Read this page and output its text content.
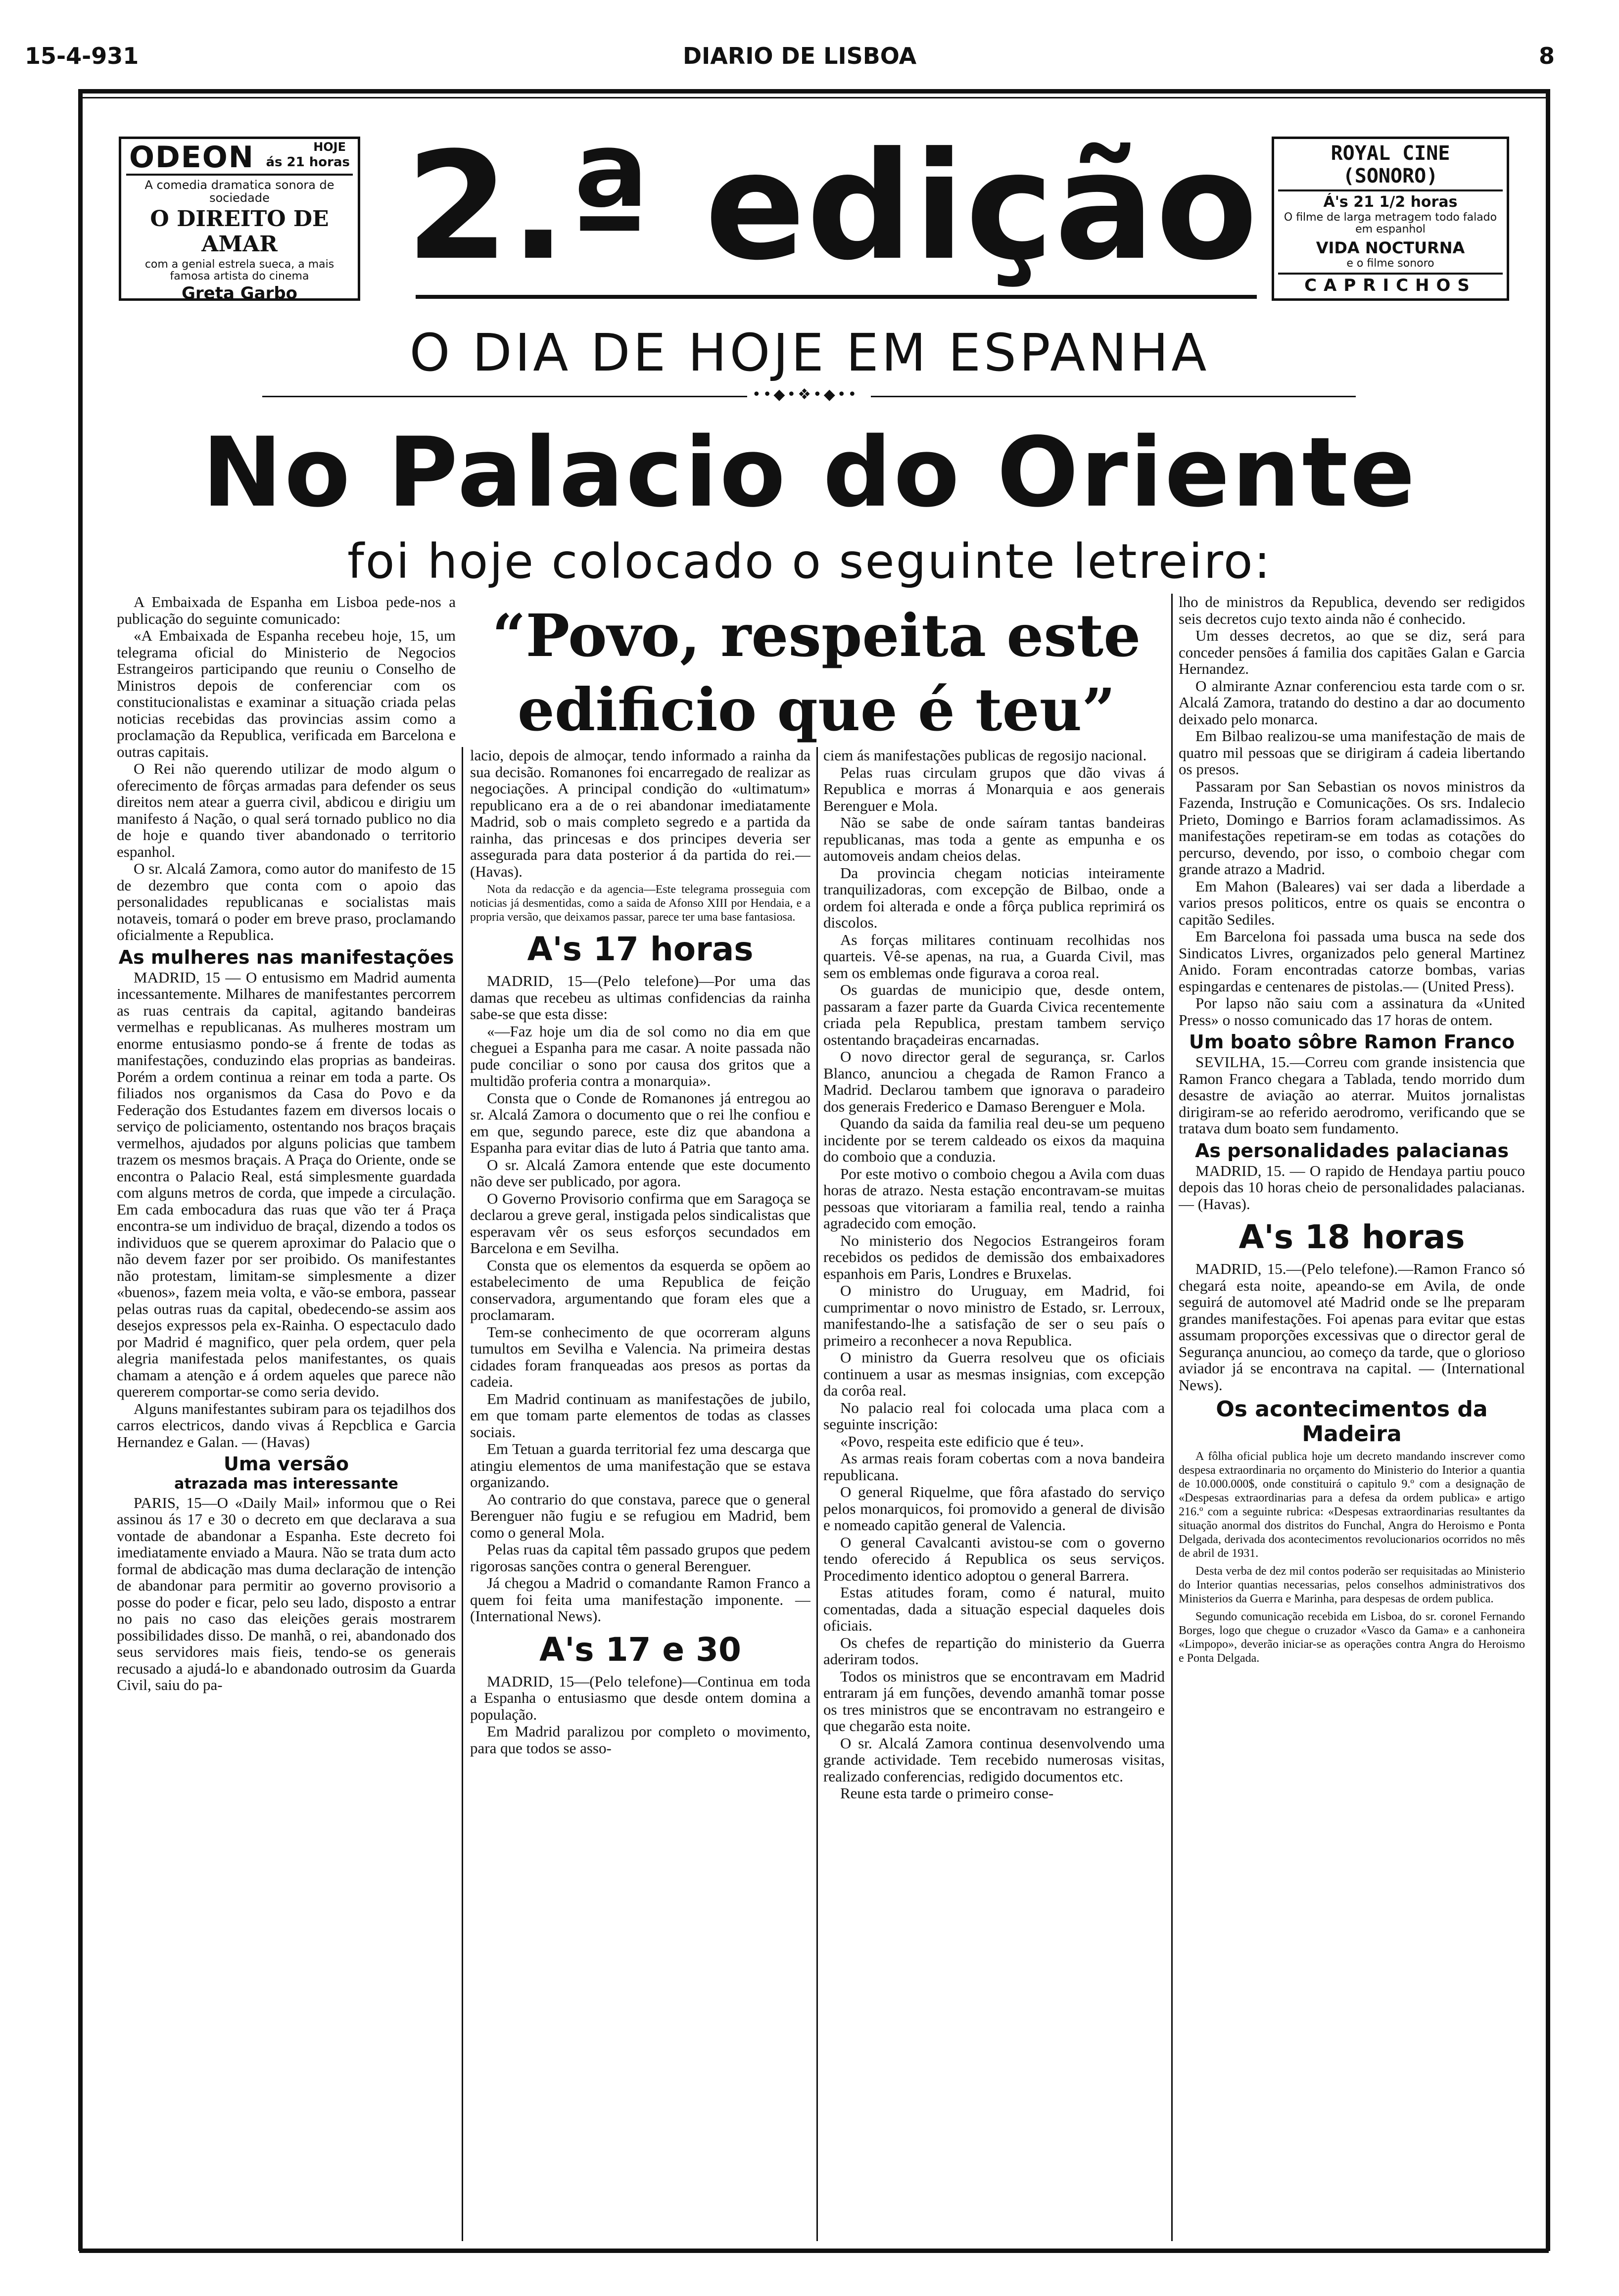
15-4-931	DIARIO DE LISBOA	8
ODEON	HOJE
ás 21 horas
A comedia dramatica sonora de sociedade
O DIREITO DE AMAR
com a genial estrela sueca, a mais famosa artista do cinema
Greta Garbo
2.ª edição	ROYAL CINE (SONORO)
Á's 21 1/2 horas
O filme de larga metragem todo falado em espanhol
VIDA NOCTURNA
e o filme sonoro
CAPRICHOS
O DIA DE HOJE EM ESPANHA
••◆•❖•◆••
No Palacio do Oriente
foi hoje colocado o seguinte letreiro:
“Povo, respeita este
edificio que é teu”

A Embaixada de Espanha em Lisboa pede-nos a publicação do seguinte comunicado:

«A Embaixada de Espanha recebeu hoje, 15, um telegrama oficial do Ministerio de Negocios Estrangeiros participando que reuniu o Conselho de Ministros depois de conferenciar com os constitucionalistas e examinar a situação criada pelas noticias recebidas das provincias assim como a proclamação da Republica, verificada em Barcelona e outras capitais.

O Rei não querendo utilizar de modo algum o oferecimento de fôrças armadas para defender os seus direitos nem atear a guerra civil, abdicou e dirigiu um manifesto á Nação, o qual será tornado publico no dia de hoje e quando tiver abandonado o territorio espanhol.

O sr. Alcalá Zamora, como autor do manifesto de 15 de dezembro que conta com o apoio das personalidades republicanas e socialistas mais notaveis, tomará o poder em breve praso, proclamando oficialmente a Republica.

As mulheres nas manifestações

MADRID, 15 — O entusismo em Madrid aumenta incessantemente. Milhares de manifestantes percorrem as ruas centrais da capital, agitando bandeiras vermelhas e republicanas. As mulheres mostram um enorme entusiasmo pondo-se á frente de todas as manifestações, conduzindo elas proprias as bandeiras. Porém a ordem continua a reinar em toda a parte. Os filiados nos organismos da Casa do Povo e da Federação dos Estudantes fazem em diversos locais o serviço de policiamento, ostentando nos braços braçais vermelhos, ajudados por alguns policias que tambem trazem os mesmos braçais. A Praça do Oriente, onde se encontra o Palacio Real, está simplesmente guardada com alguns metros de corda, que impede a circulação. Em cada embocadura das ruas que vão ter á Praça encontra-se um individuo de braçal, dizendo a todos os individuos que se querem aproximar do Palacio que o não devem fazer por ser proibido. Os manifestantes não protestam, limitam-se simplesmente a dizer «buenos», fazem meia volta, e vão-se embora, passear pelas outras ruas da capital, obedecendo-se assim aos desejos expressos pela ex-Rainha. O espectaculo dado por Madrid é magnifico, quer pela ordem, quer pela alegria manifestada pelos manifestantes, os quais chamam a atenção e á ordem aqueles que parece não quererem comportar-se como seria devido.

Alguns manifestantes subiram para os tejadilhos dos carros electricos, dando vivas á Repcblica e Garcia Hernandez e Galan. — (Havas)

Uma versão
atrazada mas interessante

PARIS, 15—O «Daily Mail» informou que o Rei assinou ás 17 e 30 o decreto em que declarava a sua vontade de abandonar a Espanha. Este decreto foi imediatamente enviado a Maura. Não se trata dum acto formal de abdicação mas duma declaração de intenção de abandonar para permitir ao governo provisorio a posse do poder e ficar, pelo seu lado, disposto a entrar no pais no caso das eleições gerais mostrarem possibilidades disso. De manhã, o rei, abandonado dos seus servidores mais fieis, tendo-se os generais recusado a ajudá-lo e abandonado outrosim da Guarda Civil, saiu do pa-

lacio, depois de almoçar, tendo informado a rainha da sua decisão. Romanones foi encarregado de realizar as negociações. A principal condição do «ultimatum» republicano era a de o rei abandonar imediatamente Madrid, sob o mais completo segredo e a partida da rainha, das princesas e dos principes deveria ser assegurada para data posterior á da partida do rei.— (Havas).

Nota da redacção e da agencia—Este telegrama prosseguia com noticias já desmentidas, como a saida de Afonso XIII por Hendaia, e a propria versão, que deixamos passar, parece ter uma base fantasiosa.

A's 17 horas

MADRID, 15—(Pelo telefone)—Por uma das damas que recebeu as ultimas confidencias da rainha sabe-se que esta disse:

«—Faz hoje um dia de sol como no dia em que cheguei a Espanha para me casar. A noite passada não pude conciliar o sono por causa dos gritos que a multidão proferia contra a monarquia».

Consta que o Conde de Romanones já entregou ao sr. Alcalá Zamora o documento que o rei lhe confiou e em que, segundo parece, este diz que abandona a Espanha para evitar dias de luto á Patria que tanto ama.

O sr. Alcalá Zamora entende que este documento não deve ser publicado, por agora.

O Governo Provisorio confirma que em Saragoça se declarou a greve geral, instigada pelos sindicalistas que esperavam vêr os seus esforços secundados em Barcelona e em Sevilha.

Consta que os elementos da esquerda se opõem ao estabelecimento de uma Republica de feição conservadora, argumentando que foram eles que a proclamaram.

Tem-se conhecimento de que ocorreram alguns tumultos em Sevilha e Valencia. Na primeira destas cidades foram franqueadas aos presos as portas da cadeia.

Em Madrid continuam as manifestações de jubilo, em que tomam parte elementos de todas as classes sociais.

Em Tetuan a guarda territorial fez uma descarga que atingiu elementos de uma manifestação que se estava organizando.

Ao contrario do que constava, parece que o general Berenguer não fugiu e se refugiou em Madrid, bem como o general Mola.

Pelas ruas da capital têm passado grupos que pedem rigorosas sanções contra o general Berenguer.

Já chegou a Madrid o comandante Ramon Franco a quem foi feita uma manifestação imponente. — (International News).

A's 17 e 30

MADRID, 15—(Pelo telefone)—Continua em toda a Espanha o entusiasmo que desde ontem domina a população.

Em Madrid paralizou por completo o movimento, para que todos se asso-

ciem ás manifestações publicas de regosijo nacional.

Pelas ruas circulam grupos que dão vivas á Republica e morras á Monarquia e aos generais Berenguer e Mola.

Não se sabe de onde saíram tantas bandeiras republicanas, mas toda a gente as empunha e os automoveis andam cheios delas.

Da provincia chegam noticias inteiramente tranquilizadoras, com excepção de Bilbao, onde a ordem foi alterada e onde a fôrça publica reprimirá os discolos.

As forças militares continuam recolhidas nos quarteis. Vê-se apenas, na rua, a Guarda Civil, mas sem os emblemas onde figurava a coroa real.

Os guardas de municipio que, desde ontem, passaram a fazer parte da Guarda Civica recentemente criada pela Republica, prestam tambem serviço ostentando braçadeiras encarnadas.

O novo director geral de segurança, sr. Carlos Blanco, anunciou a chegada de Ramon Franco a Madrid. Declarou tambem que ignorava o paradeiro dos generais Frederico e Damaso Berenguer e Mola.

Quando da saida da familia real deu-se um pequeno incidente por se terem caldeado os eixos da maquina do comboio que a conduzia.

Por este motivo o comboio chegou a Avila com duas horas de atrazo. Nesta estação encontravam-se muitas pessoas que vitoriaram a familia real, tendo a rainha agradecido com emoção.

No ministerio dos Negocios Estrangeiros foram recebidos os pedidos de demissão dos embaixadores espanhois em Paris, Londres e Bruxelas.

O ministro do Uruguay, em Madrid, foi cumprimentar o novo ministro de Estado, sr. Lerroux, manifestando-lhe a satisfação de ser o seu país o primeiro a reconhecer a nova Republica.

O ministro da Guerra resolveu que os oficiais continuem a usar as mesmas insignias, com excepção da corôa real.

No palacio real foi colocada uma placa com a seguinte inscrição:

«Povo, respeita este edificio que é teu».

As armas reais foram cobertas com a nova bandeira republicana.

O general Riquelme, que fôra afastado do serviço pelos monarquicos, foi promovido a general de divisão e nomeado capitão general de Valencia.

O general Cavalcanti avistou-se com o governo tendo oferecido á Republica os seus serviços. Procedimento identico adoptou o general Barrera.

Estas atitudes foram, como é natural, muito comentadas, dada a situação especial daqueles dois oficiais.

Os chefes de repartição do ministerio da Guerra aderiram todos.

Todos os ministros que se encontravam em Madrid entraram já em funções, devendo amanhã tomar posse os tres ministros que se encontravam no estrangeiro e que chegarão esta noite.

O sr. Alcalá Zamora continua desenvolvendo uma grande actividade. Tem recebido numerosas visitas, realizado conferencias, redigido documentos etc.

Reune esta tarde o primeiro conse-

lho de ministros da Republica, devendo ser redigidos seis decretos cujo texto ainda não é conhecido.

Um desses decretos, ao que se diz, será para conceder pensões á familia dos capitães Galan e Garcia Hernandez.

O almirante Aznar conferenciou esta tarde com o sr. Alcalá Zamora, tratando do destino a dar ao documento deixado pelo monarca.

Em Bilbao realizou-se uma manifestação de mais de quatro mil pessoas que se dirigiram á cadeia libertando os presos.

Passaram por San Sebastian os novos ministros da Fazenda, Instrução e Comunicações. Os srs. Indalecio Prieto, Domingo e Barrios foram aclamadissimos. As manifestações repetiram-se em todas as cotações do percurso, devendo, por isso, o comboio chegar com grande atrazo a Madrid.

Em Mahon (Baleares) vai ser dada a liberdade a varios presos politicos, entre os quais se encontra o capitão Sediles.

Em Barcelona foi passada uma busca na sede dos Sindicatos Livres, organizados pelo general Martinez Anido. Foram encontradas catorze bombas, varias espingardas e centenares de pistolas.— (United Press).

Por lapso não saiu com a assinatura da «United Press» o nosso comunicado das 17 horas de ontem.

Um boato sôbre Ramon Franco

SEVILHA, 15.—Correu com grande insistencia que Ramon Franco chegara a Tablada, tendo morrido dum desastre de aviação ao aterrar. Muitos jornalistas dirigiram-se ao referido aerodromo, verificando que se tratava dum boato sem fundamento.

As personalidades palacianas

MADRID, 15. — O rapido de Hendaya partiu pouco depois das 10 horas cheio de personalidades palacianas.— (Havas).

A's 18 horas

MADRID, 15.—(Pelo telefone).—Ramon Franco só chegará esta noite, apeando-se em Avila, de onde seguirá de automovel até Madrid onde se lhe preparam grandes manifestações. Foi apenas para evitar que estas assumam proporções excessivas que o director geral de Segurança anunciou, ao começo da tarde, que o glorioso aviador já se encontrava na capital. — (International News).

Os acontecimentos da Madeira

A fôlha oficial publica hoje um decreto mandando inscrever como despesa extraordinaria no orçamento do Ministerio do Interior a quantia de 10.000.000$, onde constituirá o capitulo 9.º com a designação de «Despesas extraordinarias para a defesa da ordem publica» e artigo 216.º com a seguinte rubrica: «Despesas extraordinarias resultantes da situação anormal dos distritos do Funchal, Angra do Heroismo e Ponta Delgada, derivada dos acontecimentos revolucionarios ocorridos no mês de abril de 1931.

Desta verba de dez mil contos poderão ser requisitadas ao Ministerio do Interior quantias necessarias, pelos conselhos administrativos dos Ministerios da Guerra e Marinha, para despesas de ordem publica.

Segundo comunicação recebida em Lisboa, do sr. coronel Fernando Borges, logo que chegue o cruzador «Vasco da Gama» e a canhoneira «Limpopo», deverão iniciar-se as operações contra Angra do Heroismo e Ponta Delgada.
